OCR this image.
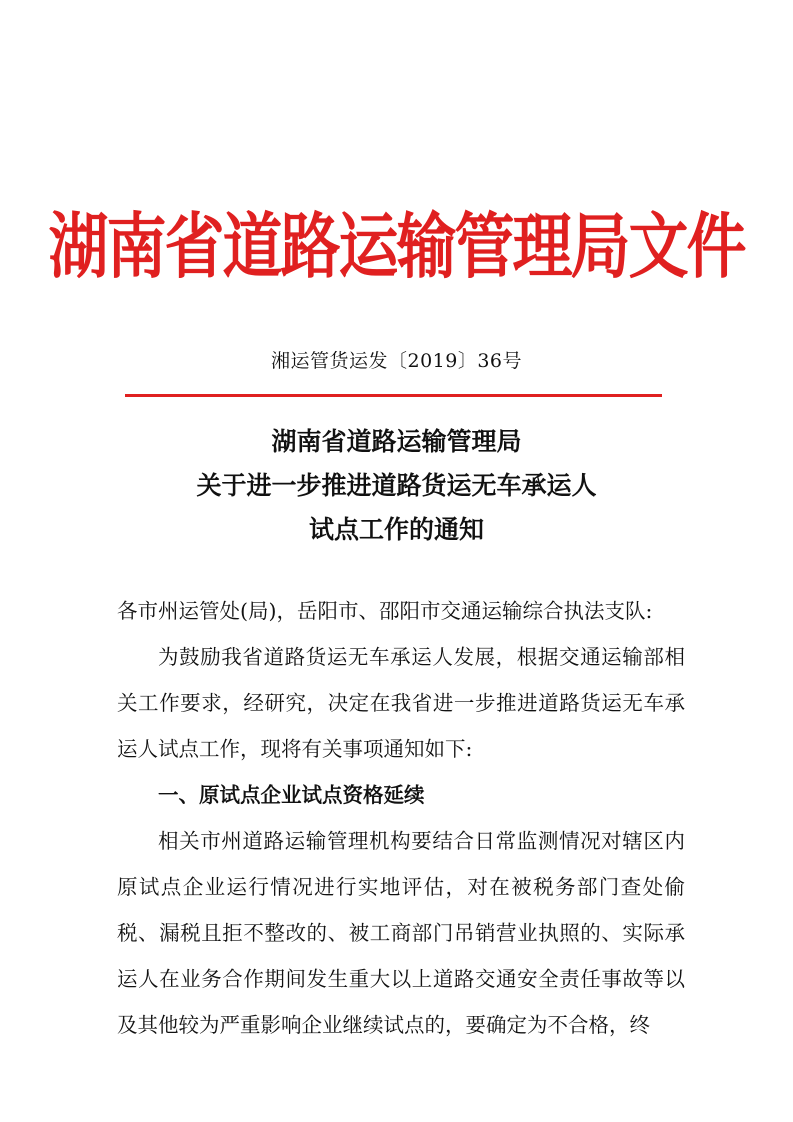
湖南省道路运输管理局文件
湘运管货运发〔2019〕36号
湖南省道路运输管理局
关于进一步推进道路货运无车承运人
试点工作的通知

各市州运管处(局)，岳阳市、邵阳市交通运输综合执法支队:

为鼓励我省道路货运无车承运人发展，根据交通运输部相关工作要求，经研究，决定在我省进一步推进道路货运无车承运人试点工作，现将有关事项通知如下:

一、原试点企业试点资格延续

相关市州道路运输管理机构要结合日常监测情况对辖区内原试点企业运行情况进行实地评估，对在被税务部门查处偷税、漏税且拒不整改的、被工商部门吊销营业执照的、实际承运人在业务合作期间发生重大以上道路交通安全责任事故等以及其他较为严重影响企业继续试点的，要确定为不合格，终
